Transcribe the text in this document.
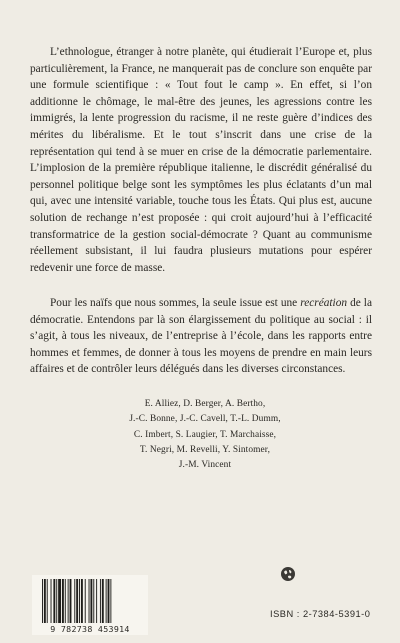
L’ethnologue, étranger à notre planète, qui étudierait l’Europe et, plus particulièrement, la France, ne manquerait pas de conclure son enquête par une formule scientifique : « Tout fout le camp ». En effet, si l’on additionne le chômage, le mal-être des jeunes, les agressions contre les immigrés, la lente progression du racisme, il ne reste guère d’indices des mérites du libéralisme. Et le tout s’inscrit dans une crise de la représentation qui tend à se muer en crise de la démocratie parlementaire. L’implosion de la première république italienne, le discrédit généralisé du personnel politique belge sont les symptômes les plus éclatants d’un mal qui, avec une intensité variable, touche tous les États. Qui plus est, aucune solution de rechange n’est proposée : qui croit aujourd’hui à l’efficacité transformatrice de la gestion social-démocrate ? Quant au communisme réellement subsistant, il lui faudra plusieurs mutations pour espérer redevenir une force de masse.

Pour les naïfs que nous sommes, la seule issue est une recréation de la démocratie. Entendons par là son élargissement du politique au social : il s’agit, à tous les niveaux, de l’entreprise à l’école, dans les rapports entre hommes et femmes, de donner à tous les moyens de prendre en main leurs affaires et de contrôler leurs délégués dans les diverses circonstances.

E. Alliez, D. Berger, A. Bertho,
J.-C. Bonne, J.-C. Cavell, T.-L. Dumm,
C. Imbert, S. Laugier, T. Marchaisse,
T. Negri, M. Revelli, Y. Sintomer,
J.-M. Vincent
9 782738 453914
ISBN : 2-7384-5391-0
